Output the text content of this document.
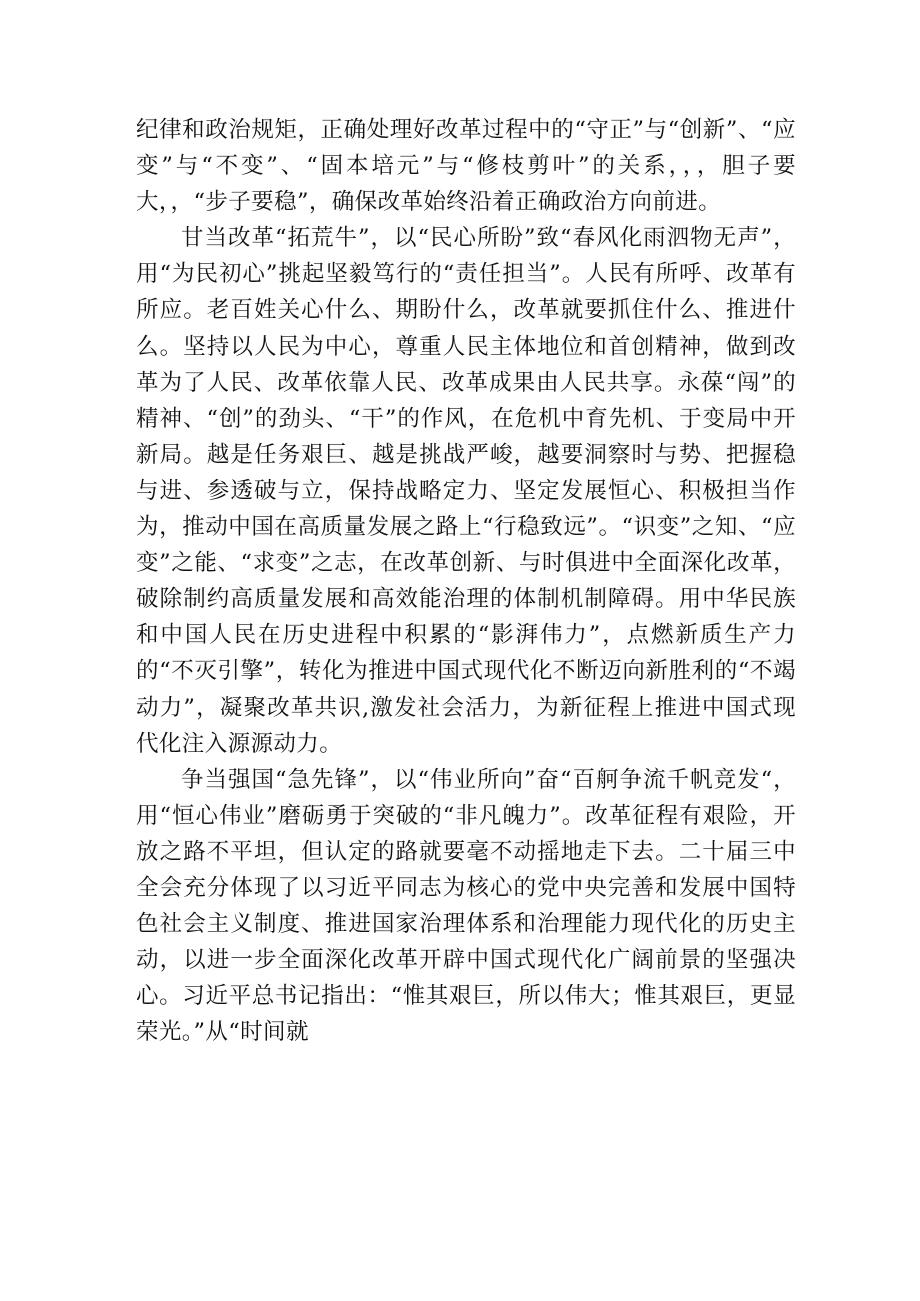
纪律和政治规矩，正确处理好改革过程中的“守正”与“创新”、“应变”与“不变”、“固本培元”与“修枝剪叶”的关系，，，胆子要大，，“步子要稳”，确保改革始终沿着正确政治方向前进。

甘当改革“拓荒牛”，以“民心所盼”致“春风化雨泗物无声”，用“为民初心”挑起坚毅笃行的“责任担当”。人民有所呼、改革有所应。老百姓关心什么、期盼什么，改革就要抓住什么、推进什么。坚持以人民为中心，尊重人民主体地位和首创精神，做到改革为了人民、改革依靠人民、改革成果由人民共享。永葆“闯”的精神、“创”的劲头、“干”的作风，在危机中育先机、于变局中开新局。越是任务艰巨、越是挑战严峻，越要洞察时与势、把握稳与进、参透破与立，保持战略定力、坚定发展恒心、积极担当作为，推动中国在高质量发展之路上“行稳致远”。“识变”之知、“应变”之能、“求变”之志，在改革创新、与时俱进中全面深化改革，破除制约高质量发展和高效能治理的体制机制障碍。用中华民族和中国人民在历史进程中积累的“影湃伟力”，点燃新质生产力的“不灭引擎”，转化为推进中国式现代化不断迈向新胜利的“不竭动力”，凝聚改革共识,激发社会活力，为新征程上推进中国式现代化注入源源动力。

争当强国“急先锋”，以“伟业所向”奋“百舸争流千帆竞发“，用“恒心伟业”磨砺勇于突破的“非凡魄力”。改革征程有艰险，开放之路不平坦，但认定的路就要毫不动摇地走下去。二十届三中全会充分体现了以习近平同志为核心的党中央完善和发展中国特色社会主义制度、推进国家治理体系和治理能力现代化的历史主动，以进一步全面深化改革开辟中国式现代化广阔前景的坚强决心。习近平总书记指出：“惟其艰巨，所以伟大；惟其艰巨，更显荣光。”从“时间就
